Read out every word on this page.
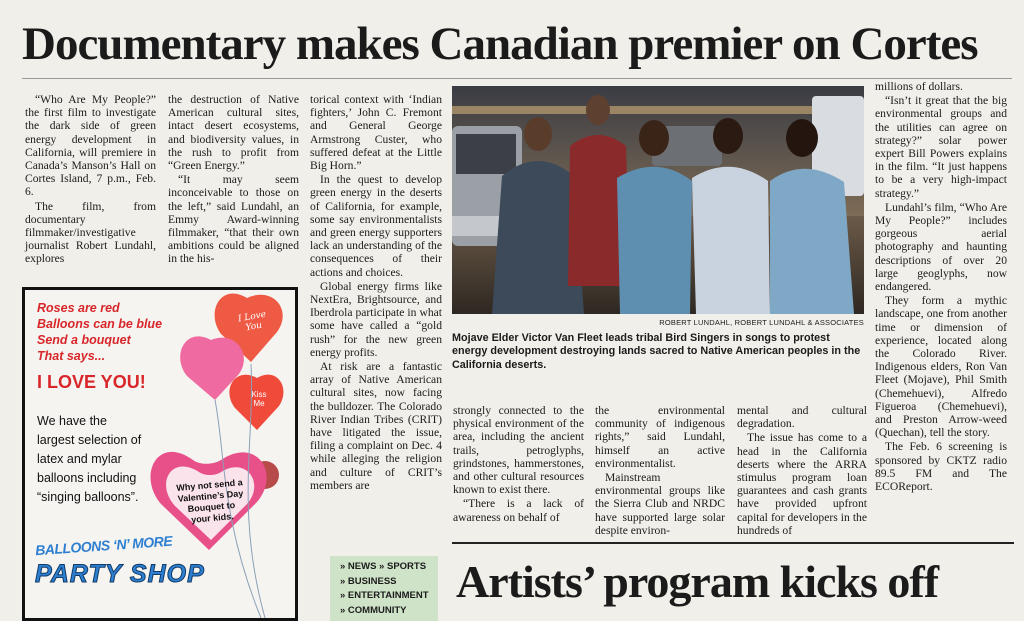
Documentary makes Canadian premier on Cortes

“Who Are My People?” the first film to investigate the dark side of green energy development in California, will premiere in Canada’s Manson’s Hall on Cortes Island, 7 p.m., Feb. 6.

The film, from documentary filmmaker/investigative journalist Robert Lundahl, explores

the destruction of Native American cultural sites, intact desert ecosystems, and biodiversity values, in the rush to profit from “Green Energy.”

“It may seem inconceivable to those on the left,” said Lundahl, an Emmy Award-winning filmmaker, “that their own ambitions could be aligned in the his-

torical context with ‘Indian fighters,’ John C. Fremont and General George Armstrong Custer, who suffered defeat at the Little Big Horn.”

In the quest to develop green energy in the deserts of California, for example, some say environmentalists and green energy supporters lack an understanding of the consequences of their actions and choices.

Global energy firms like NextEra, Brightsource, and Iberdrola participate in what some have called a “gold rush” for the new green energy profits.

At risk are a fantastic array of Native American cultural sites, now facing the bulldozer. The Colorado River Indian Tribes (CRIT) have litigated the issue, filing a complaint on Dec. 4 while alleging the religion and culture of CRIT’s members are

ROBERT LUNDAHL, ROBERT LUNDAHL & ASSOCIATES
Mojave Elder Victor Van Fleet leads tribal Bird Singers in songs to protest energy development destroying lands sacred to Native American peoples in the California deserts.

strongly connected to the physical environment of the area, including the ancient trails, petroglyphs, grindstones, hammerstones, and other cultural resources known to exist there.

“There is a lack of awareness on behalf of

the environmental community of indigenous rights,” said Lundahl, himself an active environmentalist.

Mainstream environmental groups like the Sierra Club and NRDC have supported large solar despite environ-

mental and cultural degradation.

The issue has come to a head in the California deserts where the ARRA stimulus program loan guarantees and cash grants have provided upfront capital for developers in the hundreds of

millions of dollars.

“Isn’t it great that the big environmental groups and the utilities can agree on strategy?” solar power expert Bill Powers explains in the film. “It just happens to be a very high-impact strategy.”

Lundahl’s film, “Who Are My People?” includes gorgeous aerial photography and haunting descriptions of over 20 large geoglyphs, now endangered.

They form a mythic landscape, one from another time or dimension of experience, located along the Colorado River. Indigenous elders, Ron Van Fleet (Mojave), Phil Smith (Chemehuevi), Alfredo Figueroa (Chemehuevi), and Preston Arrow-weed (Quechan), tell the story.

The Feb. 6 screening is sponsored by CKTZ radio 89.5 FM and The ECOReport.

Roses are red
Balloons can be blue
Send a bouquet
That says...
I LOVE YOU!
We have the
largest selection of
latex and mylar
balloons including
“singing balloons”.
I Love You
Kiss Me
Why not send a Valentine’s Day Bouquet to your kids.
BALLOONS ‘N’ MORE
PARTY SHOP	» NEWS » SPORTS
» BUSINESS
» ENTERTAINMENT
» COMMUNITY
Artists’ program kicks off
